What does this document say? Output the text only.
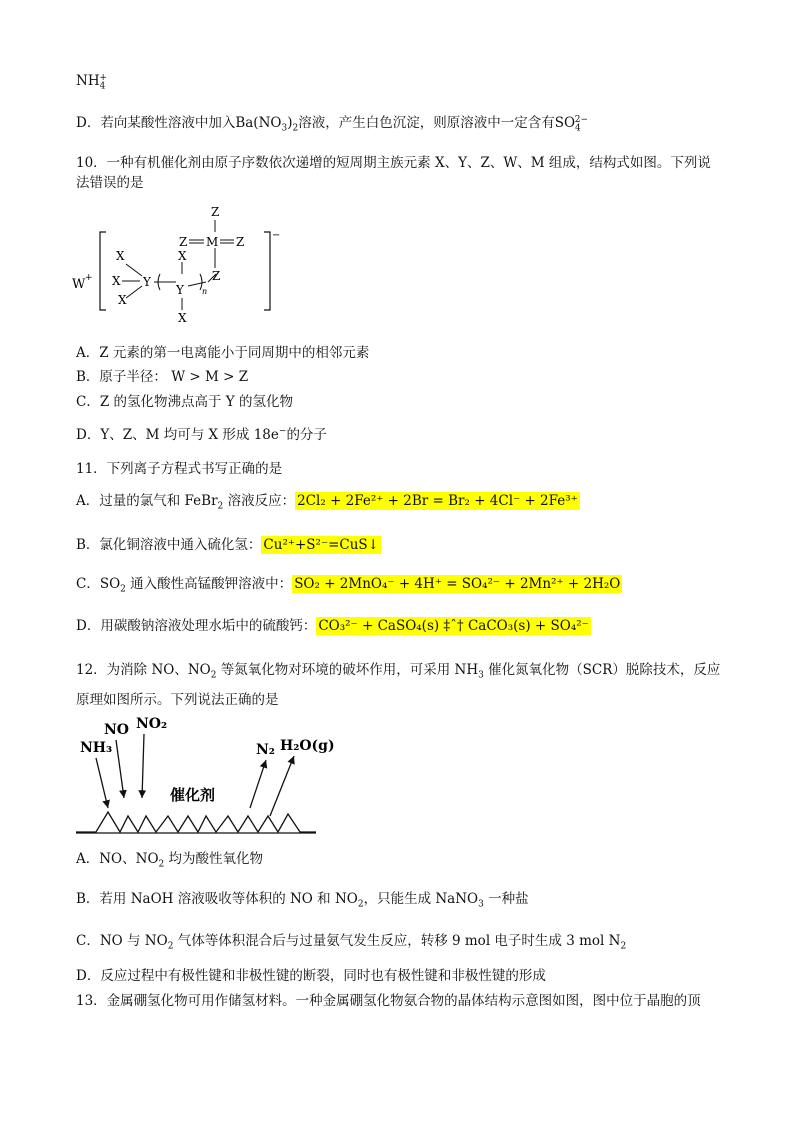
$NH_4^+$
D．若向某酸性溶液中加入$Ba(NO_3)_2$溶液，产生白色沉淀，则原溶液中一定含有$SO_4^{2-}$
10．一种有机催化剂由原子序数依次递增的短周期主族元素 X、Y、Z、W、M 组成，结构式如图。下列说
法错误的是
W +
−
Z
Z M Z
X	X
X Y
X
Y n
Z
X
A．Z 元素的第一电离能小于同周期中的相邻元素
B．原子半径： W > M > Z
C．Z 的氢化物沸点高于 Y 的氢化物
D．Y、Z、M 均可与 X 形成 18e−的分子
11．下列离子方程式书写正确的是
A．过量的氯气和 FeBr$_2$ 溶液反应： 2Cl₂ + 2Fe²⁺ + 2Br = Br₂ + 4Cl⁻ + 2Fe³⁺
B．氯化铜溶液中通入硫化氢： Cu²⁺+S²⁻=CuS↓
C．$SO_2$ 通入酸性高锰酸钾溶液中： SO₂ + 2MnO₄⁻ + 4H⁺ = SO₄²⁻ + 2Mn²⁺ + 2H₂O
D．用碳酸钠溶液处理水垢中的硫酸钙： CO₃²⁻ + CaSO₄(s) ‡ˆ† CaCO₃(s) + SO₄²⁻
12．为消除 NO、$NO_2$ 等氮氧化物对环境的破坏作用，可采用 $NH_3$ 催化氮氧化物（SCR）脱除技术，反应
原理如图所示。下列说法正确的是
NH₃
NO NO₂
N₂ H₂O(g)
催化剂
A．NO、$NO_2$ 均为酸性氧化物
B．若用 NaOH 溶液吸收等体积的 NO 和 $NO_2$，只能生成 NaNO$_3$ 一种盐
C．NO 与 $NO_2$ 气体等体积混合后与过量氨气发生反应，转移 9 mol 电子时生成 3 mol $N_2$
D．反应过程中有极性键和非极性键的断裂，同时也有极性键和非极性键的形成
13．金属硼氢化物可用作储氢材料。一种金属硼氢化物氨合物的晶体结构示意图如图，图中位于晶胞的顶
